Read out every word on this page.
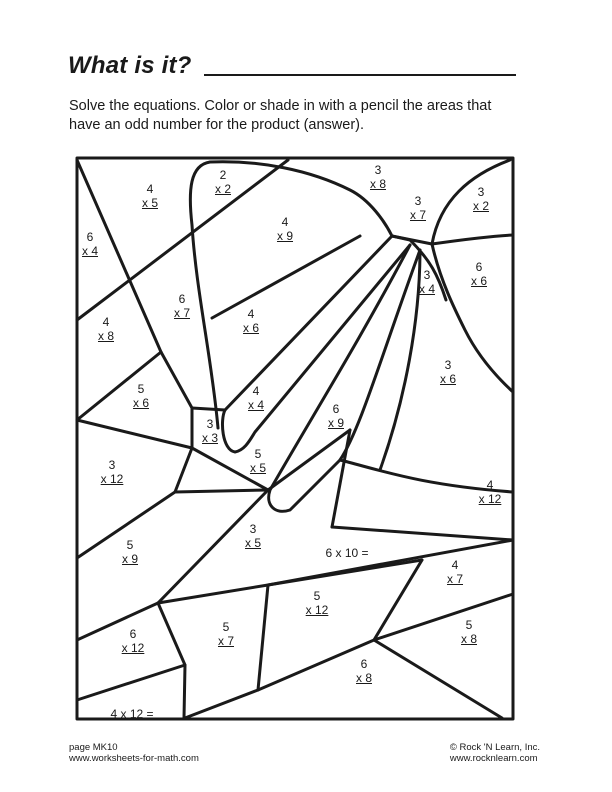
What is it?
Solve the equations. Color or shade in with a pencil the areas that
have an odd number for the product (answer).
4
x 5
2
x 2
3
x 8
3
x 7
3
x 2
6
x 4
4
x 9
3
x 4
6
x 6
6
x 7
4
x 8
4
x 6
3
x 6
5
x 6
4
x 4
3
x 3
6
x 9
5
x 5
3
x 12	4
x 12
3
x 5
5
x 9	4
x 7
5
x 12
5
x 7
6
x 12
5
x 8
6
x 8
6 x 10 =
4 x 12 =
page MK10
www.worksheets-for-math.com
© Rock 'N Learn, Inc.
www.rocknlearn.com
